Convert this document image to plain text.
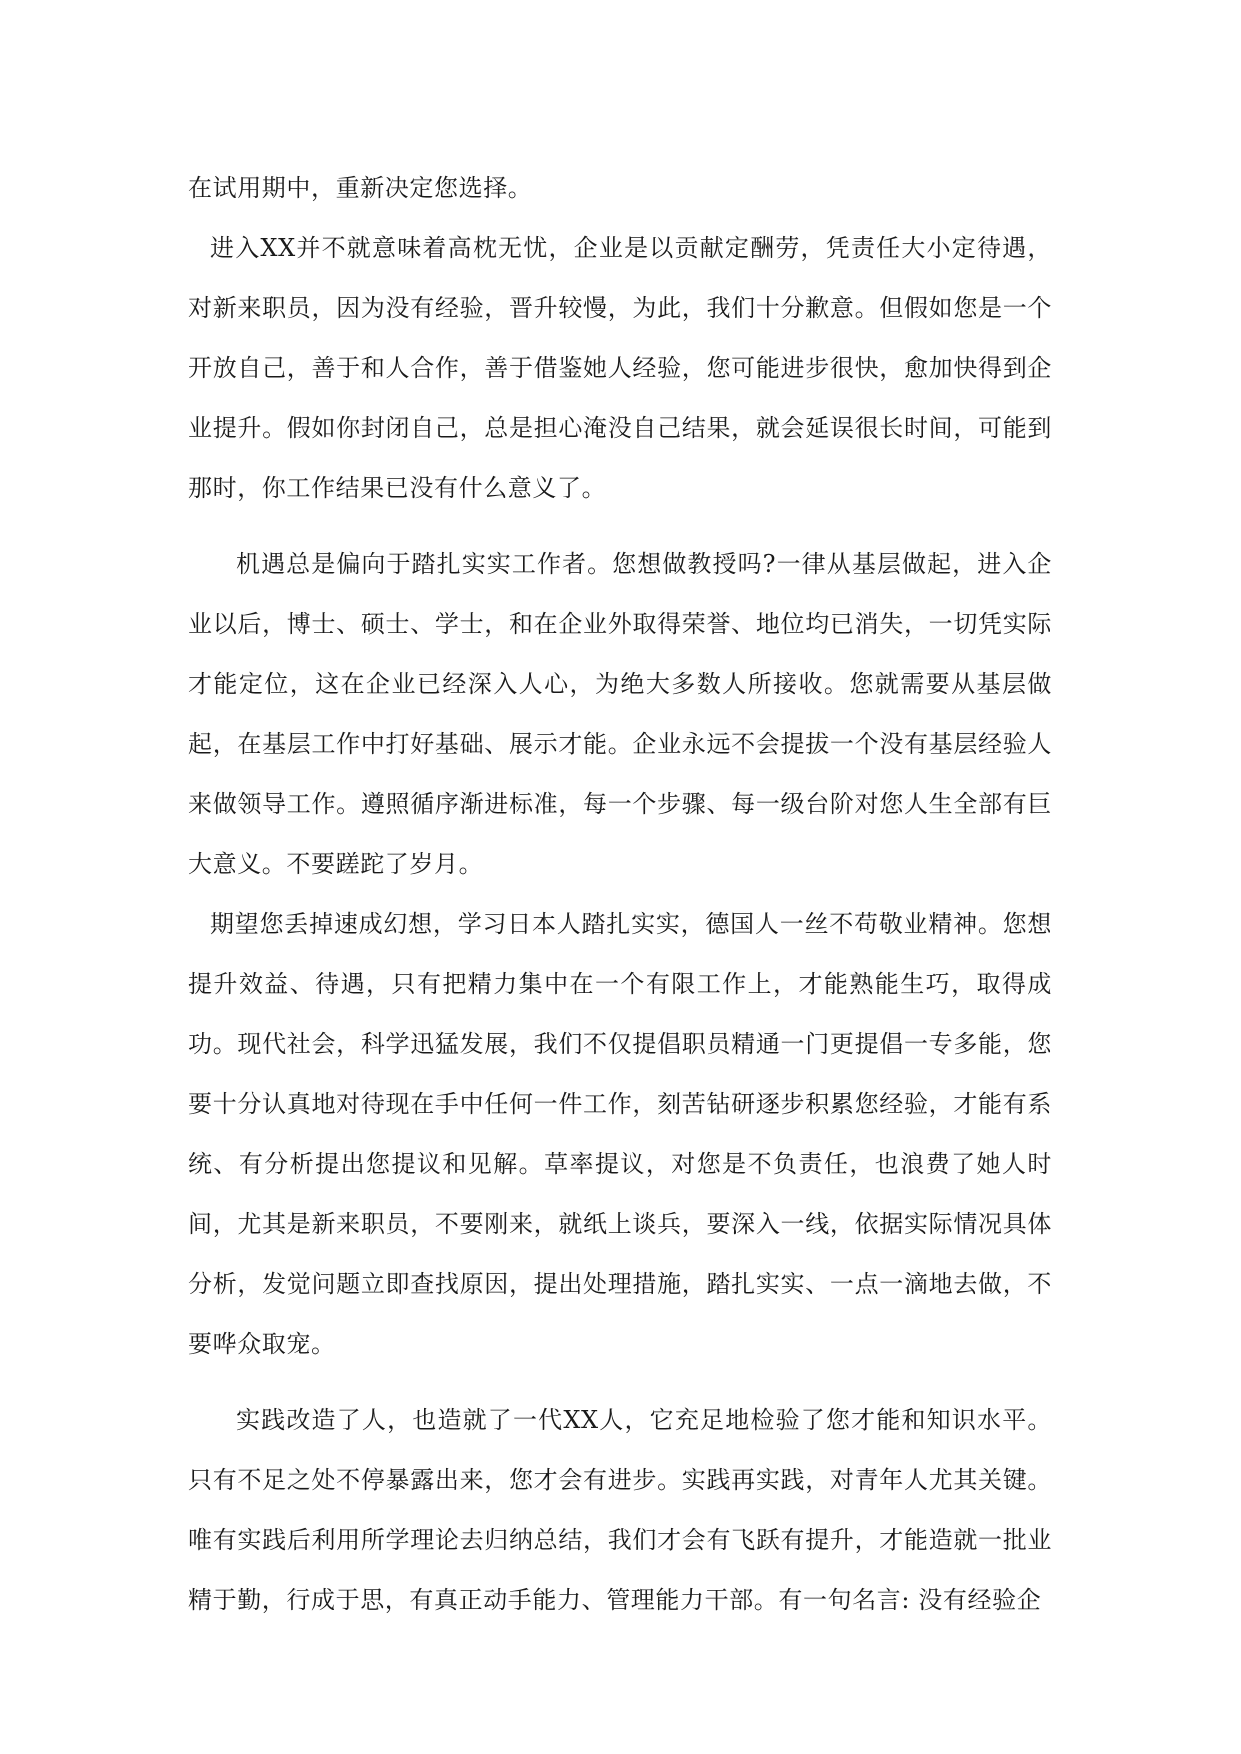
在试用期中，重新决定您选择。

进入XX并不就意味着高枕无忧，企业是以贡献定酬劳，凭责任大小定待遇，对新来职员，因为没有经验，晋升较慢，为此，我们十分歉意。但假如您是一个开放自己，善于和人合作，善于借鉴她人经验，您可能进步很快，愈加快得到企业提升。假如你封闭自己，总是担心淹没自己结果，就会延误很长时间，可能到那时，你工作结果已没有什么意义了。

机遇总是偏向于踏扎实实工作者。您想做教授吗?一律从基层做起，进入企业以后，博士、硕士、学士，和在企业外取得荣誉、地位均已消失，一切凭实际才能定位，这在企业已经深入人心，为绝大多数人所接收。您就需要从基层做起，在基层工作中打好基础、展示才能。企业永远不会提拔一个没有基层经验人来做领导工作。遵照循序渐进标准，每一个步骤、每一级台阶对您人生全部有巨大意义。不要蹉跎了岁月。

期望您丢掉速成幻想，学习日本人踏扎实实，德国人一丝不苟敬业精神。您想提升效益、待遇，只有把精力集中在一个有限工作上，才能熟能生巧，取得成功。现代社会，科学迅猛发展，我们不仅提倡职员精通一门更提倡一专多能，您要十分认真地对待现在手中任何一件工作，刻苦钻研逐步积累您经验，才能有系统、有分析提出您提议和见解。草率提议，对您是不负责任，也浪费了她人时间，尤其是新来职员，不要刚来，就纸上谈兵，要深入一线，依据实际情况具体分析，发觉问题立即查找原因，提出处理措施，踏扎实实、一点一滴地去做，不要哗众取宠。

实践改造了人，也造就了一代XX人，它充足地检验了您才能和知识水平。只有不足之处不停暴露出来，您才会有进步。实践再实践，对青年人尤其关键。唯有实践后利用所学理论去归纳总结，我们才会有飞跃有提升，才能造就一批业精于勤，行成于思，有真正动手能力、管理能力干部。有一句名言: 没有经验企
